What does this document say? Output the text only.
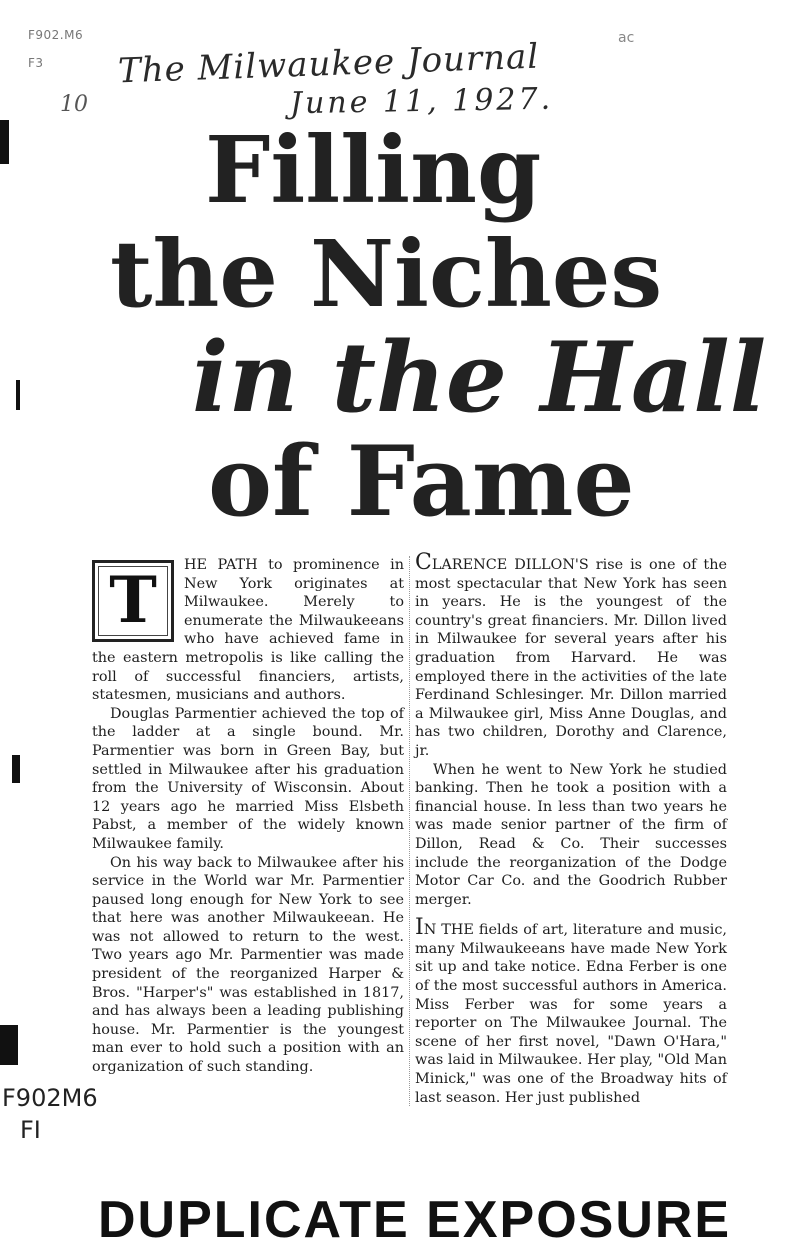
F902.M6

F3

ac
10
The Milwaukee Journal
June 11, 1927.
Filling
the Niches
in the Hall
of Fame
T	HE PATH to prominence in New York originates at Milwaukee. Merely to enumerate the Milwaukeeans who have achieved fame in the eastern metropolis is like calling the roll of successful financiers, artists, statesmen, musicians and authors.

Douglas Parmentier achieved the top of the ladder at a single bound. Mr. Parmentier was born in Green Bay, but settled in Milwaukee after his graduation from the University of Wisconsin. About 12 years ago he married Miss Elsbeth Pabst, a member of the widely known Milwaukee family.

On his way back to Milwaukee after his service in the World war Mr. Parmentier paused long enough for New York to see that here was another Milwaukeean. He was not allowed to return to the west. Two years ago Mr. Parmentier was made president of the reorganized Harper & Bros. "Harper's" was established in 1817, and has always been a leading publishing house. Mr. Parmentier is the youngest man ever to hold such a position with an organization of such standing.

CLARENCE DILLON'S rise is one of the most spectacular that New York has seen in years. He is the youngest of the country's great financiers. Mr. Dillon lived in Milwaukee for several years after his graduation from Harvard. He was employed there in the activities of the late Ferdinand Schlesinger. Mr. Dillon married a Milwaukee girl, Miss Anne Douglas, and has two children, Dorothy and Clarence, jr.

When he went to New York he studied banking. Then he took a position with a financial house. In less than two years he was made senior partner of the firm of Dillon, Read & Co. Their successes include the reorganization of the Dodge Motor Car Co. and the Goodrich Rubber merger.

IN THE fields of art, literature and music, many Milwaukeeans have made New York sit up and take notice. Edna Ferber is one of the most successful authors in America. Miss Ferber was for some years a reporter on The Milwaukee Journal. The scene of her first novel, "Dawn O'Hara," was laid in Milwaukee. Her play, "Old Man Minick," was one of the Broadway hits of last season. Her just published

F902M6
FI
DUPLICATE EXPOSURE
